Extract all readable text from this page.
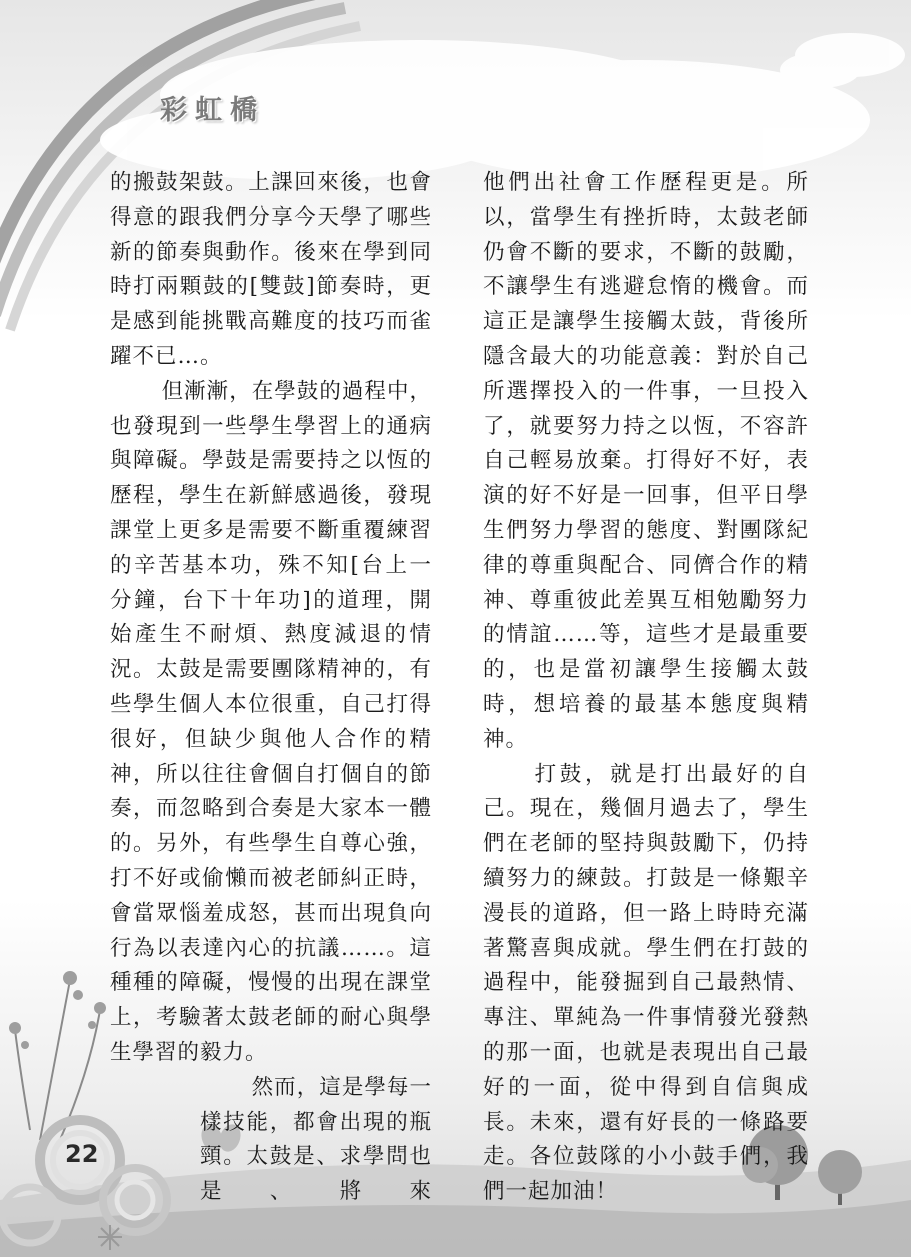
彩虹橋

的搬鼓架鼓。上課回來後，也會得意的跟我們分享今天學了哪些新的節奏與動作。後來在學到同時打兩顆鼓的[雙鼓]節奏時，更是感到能挑戰高難度的技巧而雀躍不已…。

但漸漸，在學鼓的過程中，也發現到一些學生學習上的通病與障礙。學鼓是需要持之以恆的歷程，學生在新鮮感過後，發現課堂上更多是需要不斷重覆練習的辛苦基本功，殊不知[台上一分鐘，台下十年功]的道理，開始產生不耐煩、熱度減退的情況。太鼓是需要團隊精神的，有些學生個人本位很重，自己打得很好，但缺少與他人合作的精神，所以往往會個自打個自的節奏，而忽略到合奏是大家本一體的。另外，有些學生自尊心強，打不好或偷懶而被老師糾正時，會當眾惱羞成怒，甚而出現負向行為以表達內心的抗議……。這種種的障礙，慢慢的出現在課堂上，考驗著太鼓老師的耐心與學生學習的毅力。

然而，這是學每一樣技能，都會出現的瓶頸。太鼓是、求學問也是、將來

他們出社會工作歷程更是。所以，當學生有挫折時，太鼓老師仍會不斷的要求，不斷的鼓勵，不讓學生有逃避怠惰的機會。而這正是讓學生接觸太鼓，背後所隱含最大的功能意義：對於自己所選擇投入的一件事，一旦投入了，就要努力持之以恆，不容許自己輕易放棄。打得好不好，表演的好不好是一回事，但平日學生們努力學習的態度、對團隊紀律的尊重與配合、同儕合作的精神、尊重彼此差異互相勉勵努力的情誼……等，這些才是最重要的，也是當初讓學生接觸太鼓時，想培養的最基本態度與精神。

打鼓，就是打出最好的自己。現在，幾個月過去了，學生們在老師的堅持與鼓勵下，仍持續努力的練鼓。打鼓是一條艱辛漫長的道路，但一路上時時充滿著驚喜與成就。學生們在打鼓的過程中，能發掘到自己最熱情、專注、單純為一件事情發光發熱的那一面，也就是表現出自己最好的一面，從中得到自信與成長。未來，還有好長的一條路要走。各位鼓隊的小小鼓手們，我們一起加油！

22
